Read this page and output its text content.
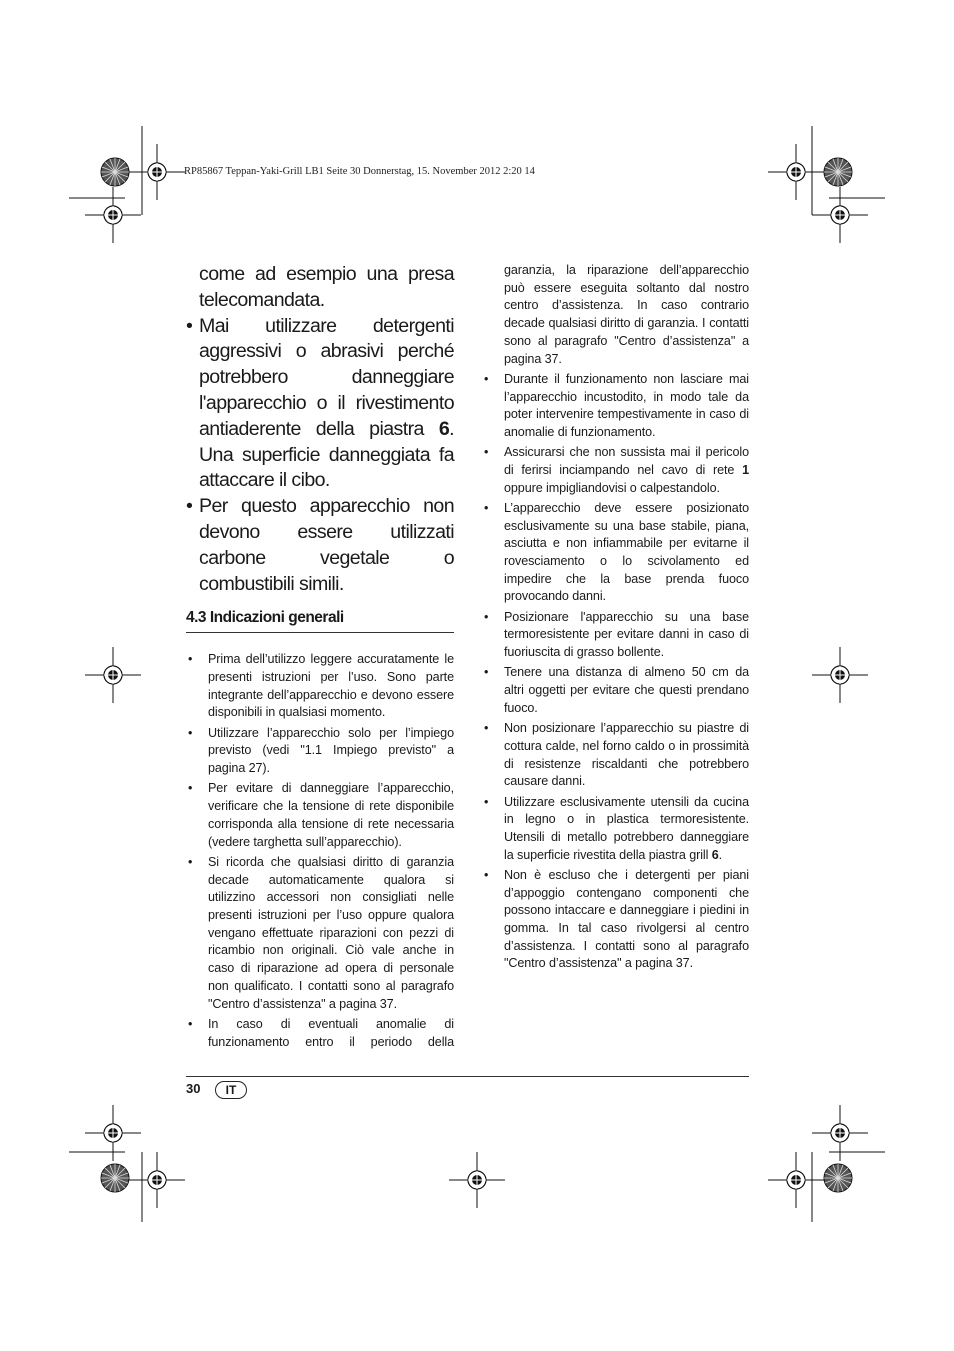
RP85867 Teppan-Yaki-Grill LB1 Seite 30 Donnerstag, 15. November 2012 2:20 14

come ad esempio una presa telecomandata.

• Mai utilizzare detergenti aggressivi o abrasivi perché potrebbero danneggiare l'apparecchio o il rivestimento antiaderente della piastra 6. Una superficie danneggiata fa attaccare il cibo.
• Per questo apparecchio non devono essere utilizzati carbone vegetale o combustibili simili.
4.3 Indicazioni generali
• Prima dell’utilizzo leggere accuratamente le presenti istruzioni per l’uso. Sono parte integrante dell’apparecchio e devono essere disponibili in qualsiasi momento.
• Utilizzare l’apparecchio solo per l’impiego previsto (vedi "1.1 Impiego previsto" a pagina 27).
• Per evitare di danneggiare l’apparecchio, verificare che la tensione di rete disponibile corrisponda alla tensione di rete necessaria (vedere targhetta sull’apparecchio).
• Si ricorda che qualsiasi diritto di garanzia decade automaticamente qualora si utilizzino accessori non consigliati nelle presenti istruzioni per l’uso oppure qualora vengano effettuate riparazioni con pezzi di ricambio non originali. Ciò vale anche in caso di riparazione ad opera di personale non qualificato. I contatti sono al paragrafo "Centro d’assistenza" a pagina 37.
• In caso di eventuali anomalie di funzionamento entro il periodo della
garanzia, la riparazione dell’apparecchio può essere eseguita soltanto dal nostro centro d’assistenza. In caso contrario decade qualsiasi diritto di garanzia. I contatti sono al paragrafo "Centro d’assistenza" a pagina 37.
• Durante il funzionamento non lasciare mai l’apparecchio incustodito, in modo tale da poter intervenire tempestivamente in caso di anomalie di funzionamento.
• Assicurarsi che non sussista mai il pericolo di ferirsi inciampando nel cavo di rete 1 oppure impigliandovisi o calpestandolo.
• L’apparecchio deve essere posizionato esclusivamente su una base stabile, piana, asciutta e non infiammabile per evitarne il rovesciamento o lo scivolamento ed impedire che la base prenda fuoco provocando danni.
• Posizionare l'apparecchio su una base termoresistente per evitare danni in caso di fuoriuscita di grasso bollente.
• Tenere una distanza di almeno 50 cm da altri oggetti per evitare che questi prendano fuoco.
• Non posizionare l’apparecchio su piastre di cottura calde, nel forno caldo o in prossimità di resistenze riscaldanti che potrebbero causare danni.
• Utilizzare esclusivamente utensili da cucina in legno o in plastica termoresistente. Utensili di metallo potrebbero danneggiare la superficie rivestita della piastra grill 6.
• Non è escluso che i detergenti per piani d’appoggio contengano componenti che possono intaccare e danneggiare i piedini in gomma. In tal caso rivolgersi al centro d’assistenza. I contatti sono al paragrafo "Centro d’assistenza" a pagina 37.
30	IT
